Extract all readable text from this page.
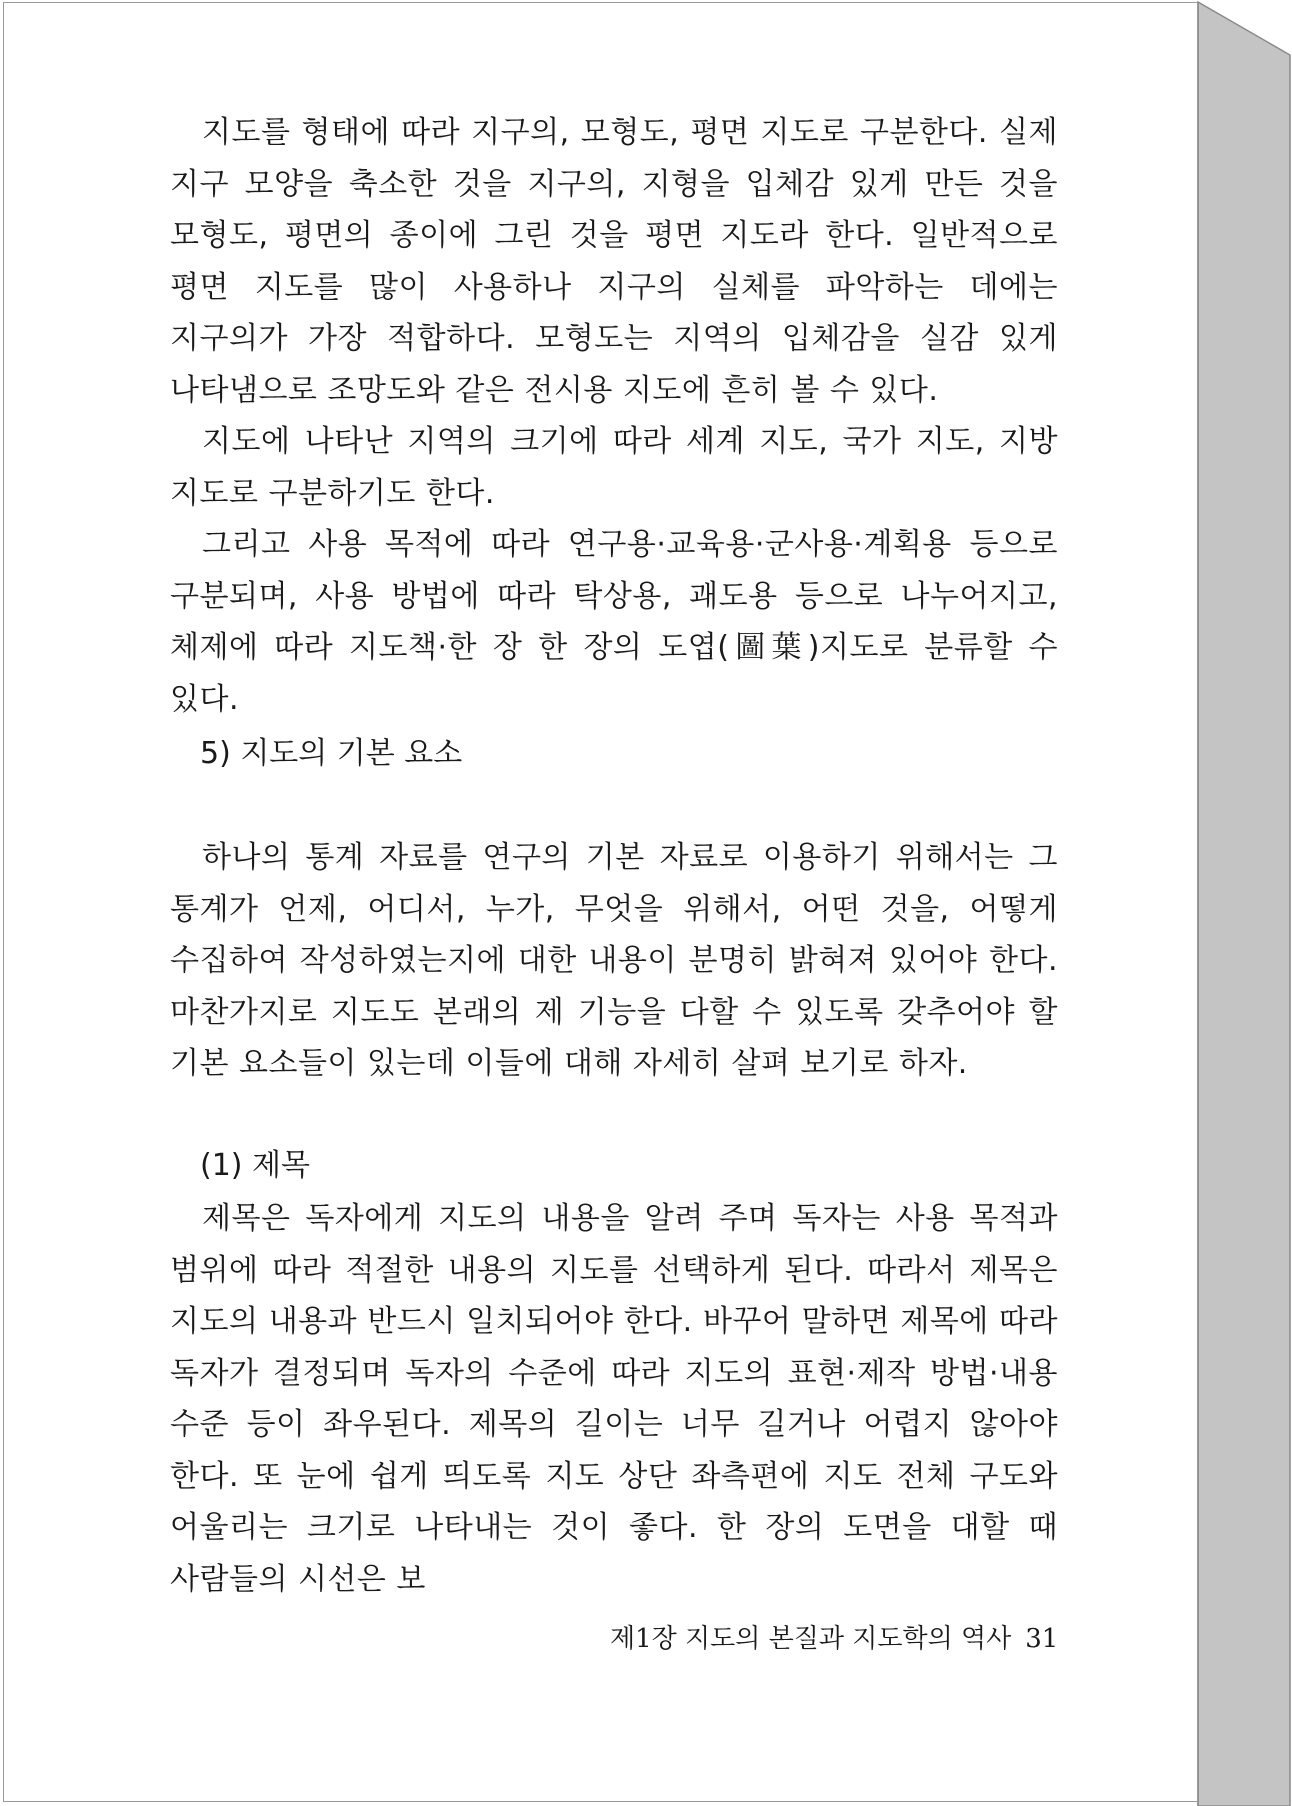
지도를 형태에 따라 지구의, 모형도, 평면 지도로 구분한다. 실제 지구 모양을 축소한 것을 지구의, 지형을 입체감 있게 만든 것을 모형도, 평면의 종이에 그린 것을 평면 지도라 한다. 일반적으로 평면 지도를 많이 사용하나 지구의 실체를 파악하는 데에는 지구의가 가장 적합하다. 모형도는 지역의 입체감을 실감 있게 나타냄으로 조망도와 같은 전시용 지도에 흔히 볼 수 있다.

지도에 나타난 지역의 크기에 따라 세계 지도, 국가 지도, 지방 지도로 구분하기도 한다.

그리고 사용 목적에 따라 연구용·교육용·군사용·계획용 등으로 구분되며, 사용 방법에 따라 탁상용, 괘도용 등으로 나누어지고, 체제에 따라 지도책·한 장 한 장의 도엽(圖葉)지도로 분류할 수 있다.

5) 지도의 기본 요소

하나의 통계 자료를 연구의 기본 자료로 이용하기 위해서는 그 통계가 언제, 어디서, 누가, 무엇을 위해서, 어떤 것을, 어떻게 수집하여 작성하였는지에 대한 내용이 분명히 밝혀져 있어야 한다. 마찬가지로 지도도 본래의 제 기능을 다할 수 있도록 갖추어야 할 기본 요소들이 있는데 이들에 대해 자세히 살펴 보기로 하자.

(1) 제목

제목은 독자에게 지도의 내용을 알려 주며 독자는 사용 목적과 범위에 따라 적절한 내용의 지도를 선택하게 된다. 따라서 제목은 지도의 내용과 반드시 일치되어야 한다. 바꾸어 말하면 제목에 따라 독자가 결정되며 독자의 수준에 따라 지도의 표현·제작 방법·내용 수준 등이 좌우된다. 제목의 길이는 너무 길거나 어렵지 않아야 한다. 또 눈에 쉽게 띄도록 지도 상단 좌측편에 지도 전체 구도와 어울리는 크기로 나타내는 것이 좋다. 한 장의 도면을 대할 때 사람들의 시선은 보

제1장 지도의 본질과 지도학의 역사 31
